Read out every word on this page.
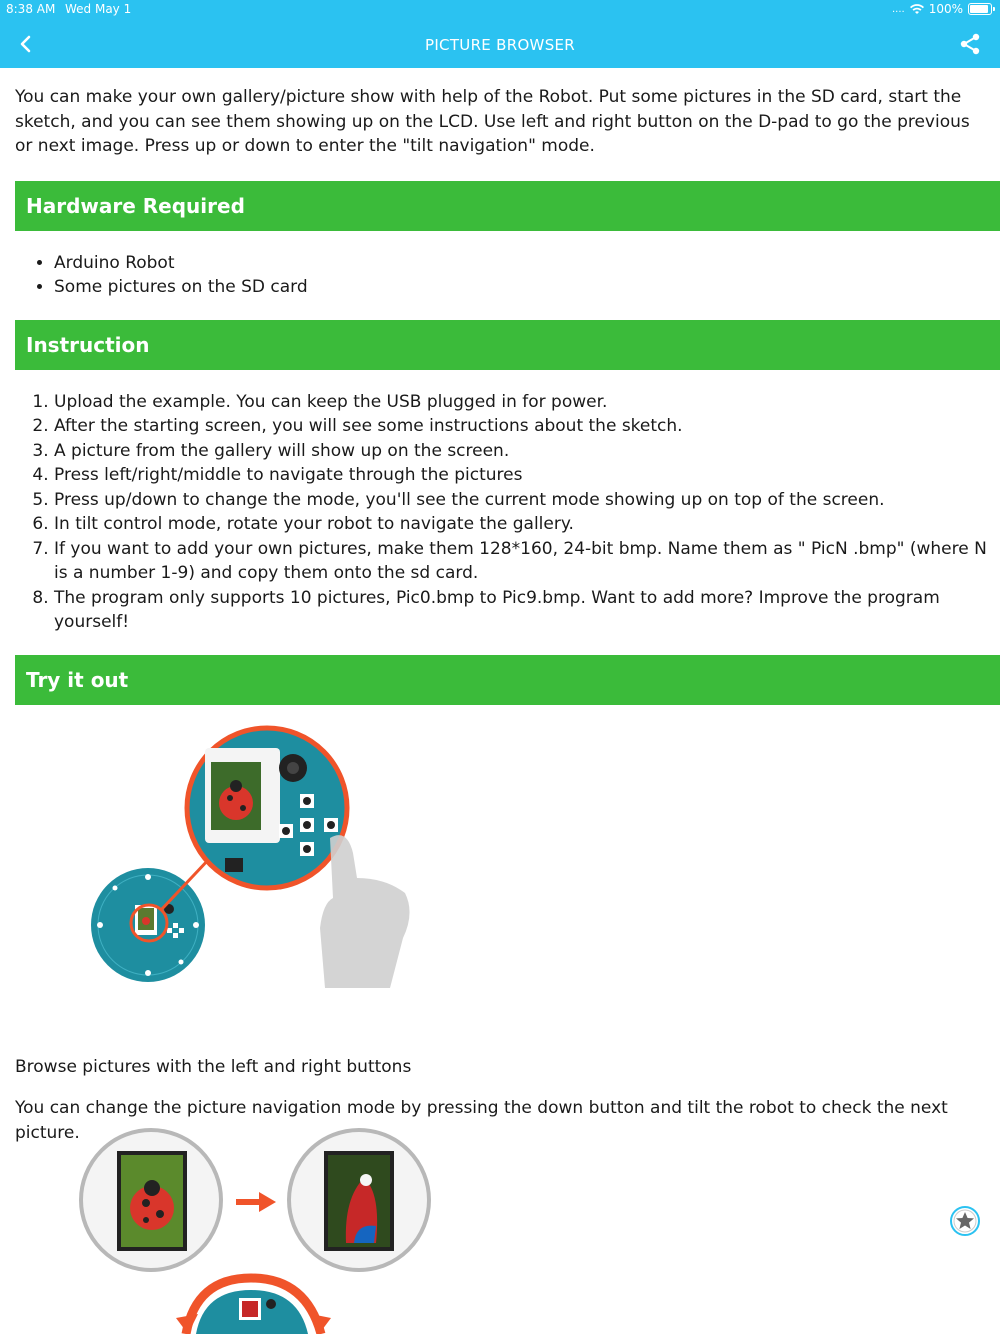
8:38 AM Wed May 1	.... 100%
PICTURE BROWSER

You can make your own gallery/picture show with help of the Robot. Put some pictures in the SD card, start the sketch, and you can see them showing up on the LCD. Use left and right button on the D-pad to go the previous or next image. Press up or down to enter the "tilt navigation" mode.

Hardware Required
• Arduino Robot
• Some pictures on the SD card
Instruction
1. Upload the example. You can keep the USB plugged in for power.
2. After the starting screen, you will see some instructions about the sketch.
3. A picture from the gallery will show up on the screen.
4. Press left/right/middle to navigate through the pictures
5. Press up/down to change the mode, you'll see the current mode showing up on top of the screen.
6. In tilt control mode, rotate your robot to navigate the gallery.
7. If you want to add your own pictures, make them 128*160, 24-bit bmp. Name them as " PicN .bmp" (where N is a number 1-9) and copy them onto the sd card.
8. The program only supports 10 pictures, Pic0.bmp to Pic9.bmp. Want to add more? Improve the program yourself!
Try it out

Browse pictures with the left and right buttons

You can change the picture navigation mode by pressing the down button and tilt the robot to check the next picture.
